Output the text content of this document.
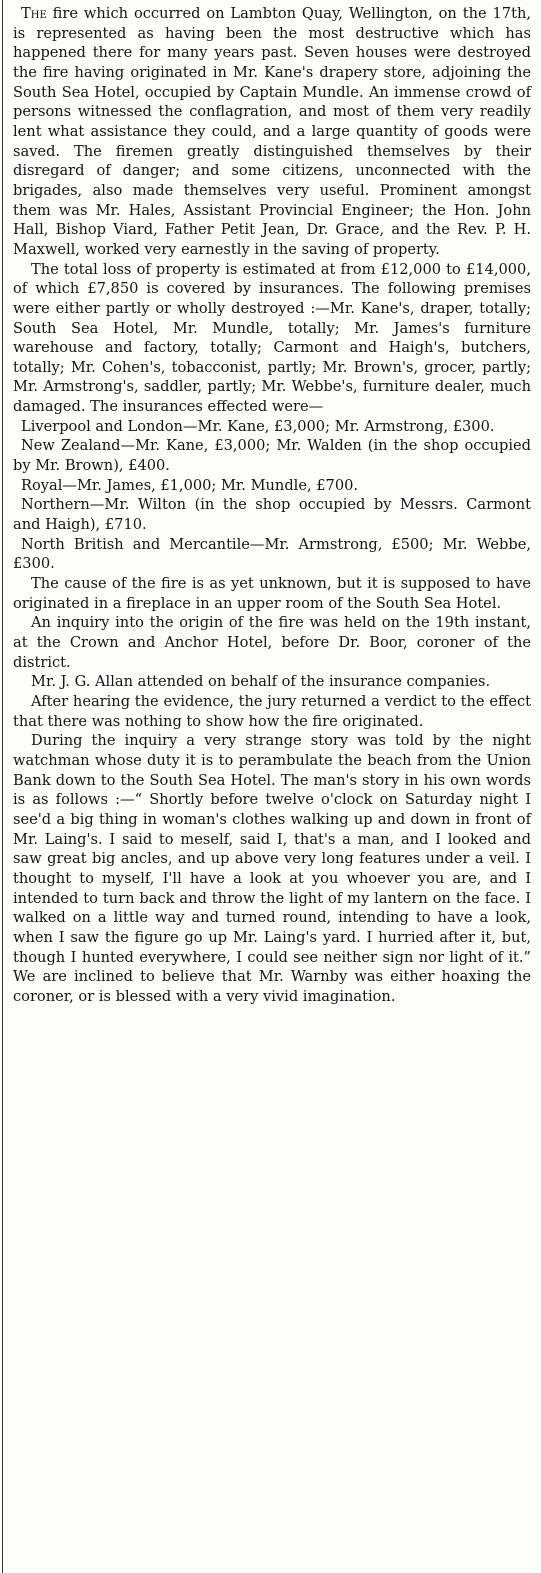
The fire which occurred on Lambton Quay, Wellington, on the 17th, is represented as having been the most destructive which has happened there for many years past. Seven houses were destroyed the fire having originated in Mr. Kane's drapery store, adjoining the South Sea Hotel, occupied by Captain Mundle. An immense crowd of persons witnessed the conflagration, and most of them very readily lent what assistance they could, and a large quantity of goods were saved. The firemen greatly distinguished themselves by their disregard of danger; and some citizens, unconnected with the brigades, also made themselves very useful. Prominent amongst them was Mr. Hales, Assistant Provincial Engineer; the Hon. John Hall, Bishop Viard, Father Petit Jean, Dr. Grace, and the Rev. P. H. Maxwell, worked very earnestly in the saving of property.

The total loss of property is estimated at from £12,000 to £14,000, of which £7,850 is covered by insurances. The following premises were either partly or wholly destroyed :—Mr. Kane's, draper, totally; South Sea Hotel, Mr. Mundle, totally; Mr. James's furniture warehouse and factory, totally; Carmont and Haigh's, butchers, totally; Mr. Cohen's, tobacconist, partly; Mr. Brown's, grocer, partly; Mr. Armstrong's, saddler, partly; Mr. Webbe's, furniture dealer, much damaged. The insurances effected were—

Liverpool and London—Mr. Kane, £3,000; Mr. Armstrong, £300.

New Zealand—Mr. Kane, £3,000; Mr. Walden (in the shop occupied by Mr. Brown), £400.

Royal—Mr. James, £1,000; Mr. Mundle, £700.

Northern—Mr. Wilton (in the shop occupied by Messrs. Carmont and Haigh), £710.

North British and Mercantile—Mr. Armstrong, £500; Mr. Webbe, £300.

The cause of the fire is as yet unknown, but it is supposed to have originated in a fireplace in an upper room of the South Sea Hotel.

An inquiry into the origin of the fire was held on the 19th instant, at the Crown and Anchor Hotel, before Dr. Boor, coroner of the district.

Mr. J. G. Allan attended on behalf of the insurance companies.

After hearing the evidence, the jury returned a verdict to the effect that there was nothing to show how the fire originated.

During the inquiry a very strange story was told by the night watchman whose duty it is to perambulate the beach from the Union Bank down to the South Sea Hotel. The man's story in his own words is as follows :—“ Shortly before twelve o'clock on Saturday night I see'd a big thing in woman's clothes walking up and down in front of Mr. Laing's. I said to meself, said I, that's a man, and I looked and saw great big ancles, and up above very long features under a veil. I thought to myself, I'll have a look at you whoever you are, and I intended to turn back and throw the light of my lantern on the face. I walked on a little way and turned round, intending to have a look, when I saw the figure go up Mr. Laing's yard. I hurried after it, but, though I hunted everywhere, I could see neither sign nor light of it.” We are inclined to believe that Mr. Warnby was either hoaxing the coroner, or is blessed with a very vivid imagination.
